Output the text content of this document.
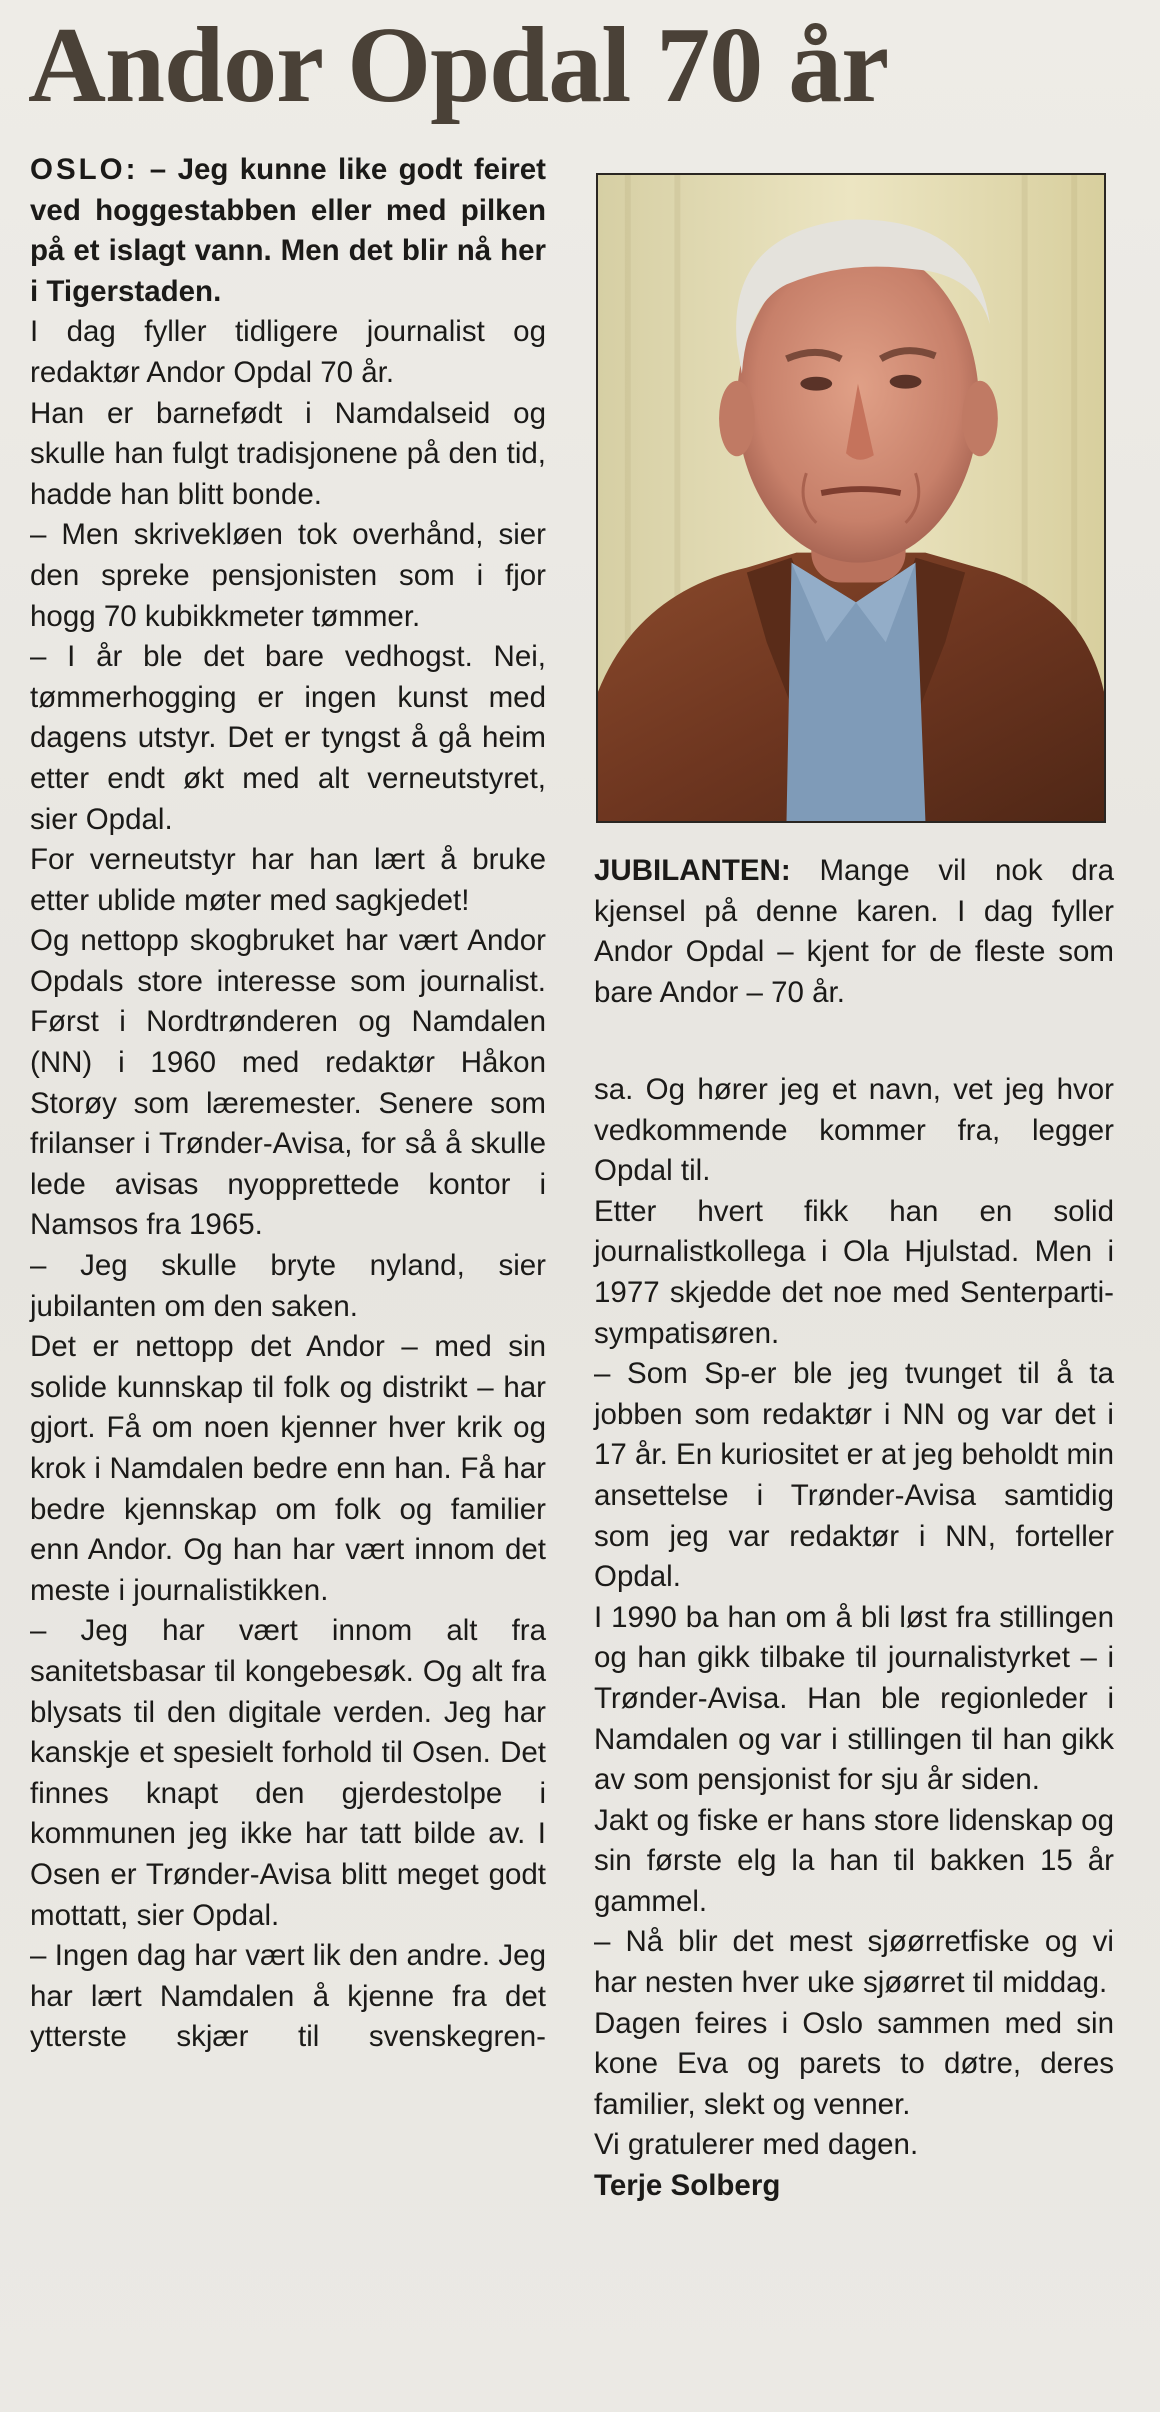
Andor Opdal 70 år

OSLO: – Jeg kunne like godt feiret ved hoggestabben eller med pilken på et islagt vann. Men det blir nå her i Tigerstaden.

I dag fyller tidligere journalist og redaktør Andor Opdal 70 år.

Han er barnefødt i Namdalseid og skulle han fulgt tradisjonene på den tid, hadde han blitt bonde.

– Men skrivekløen tok overhånd, sier den spreke pensjonisten som i fjor hogg 70 kubikkmeter tømmer.

– I år ble det bare vedhogst. Nei, tømmerhogging er ingen kunst med dagens utstyr. Det er tyngst å gå heim etter endt økt med alt verneutstyret, sier Opdal.

For verneutstyr har han lært å bruke etter ublide møter med sagkjedet!

Og nettopp skogbruket har vært Andor Opdals store interesse som journalist. Først i Nordtrønderen og Namdalen (NN) i 1960 med redaktør Håkon Storøy som læremester. Senere som frilanser i Trønder-Avisa, for så å skulle lede avisas nyopprettede kontor i Namsos fra 1965.

– Jeg skulle bryte nyland, sier jubilanten om den saken.

Det er nettopp det Andor – med sin solide kunnskap til folk og distrikt – har gjort. Få om noen kjenner hver krik og krok i Namdalen bedre enn han. Få har bedre kjennskap om folk og familier enn Andor. Og han har vært innom det meste i journalistikken.

– Jeg har vært innom alt fra sanitetsbasar til kongebesøk. Og alt fra blysats til den digitale verden. Jeg har kanskje et spesielt forhold til Osen. Det finnes knapt den gjerdestolpe i kommunen jeg ikke har tatt bilde av. I Osen er Trønder-Avisa blitt meget godt mottatt, sier Opdal.

– Ingen dag har vært lik den andre. Jeg har lært Namdalen å kjenne fra det ytterste skjær til svenskegren-

JUBILANTEN: Mange vil nok dra kjensel på denne karen. I dag fyller Andor Opdal – kjent for de fleste som bare Andor – 70 år.

sa. Og hører jeg et navn, vet jeg hvor vedkommende kommer fra, legger Opdal til.

Etter hvert fikk han en solid journalistkollega i Ola Hjulstad. Men i 1977 skjedde det noe med Senterparti-sympatisøren.

– Som Sp-er ble jeg tvunget til å ta jobben som redaktør i NN og var det i 17 år. En kuriositet er at jeg beholdt min ansettelse i Trønder-Avisa samtidig som jeg var redaktør i NN, forteller Opdal.

I 1990 ba han om å bli løst fra stillingen og han gikk tilbake til journalistyrket – i Trønder-Avisa. Han ble regionleder i Namdalen og var i stillingen til han gikk av som pensjonist for sju år siden.

Jakt og fiske er hans store lidenskap og sin første elg la han til bakken 15 år gammel.

– Nå blir det mest sjøørretfiske og vi har nesten hver uke sjøørret til middag.

Dagen feires i Oslo sammen med sin kone Eva og parets to døtre, deres familier, slekt og venner.

Vi gratulerer med dagen.

Terje Solberg
